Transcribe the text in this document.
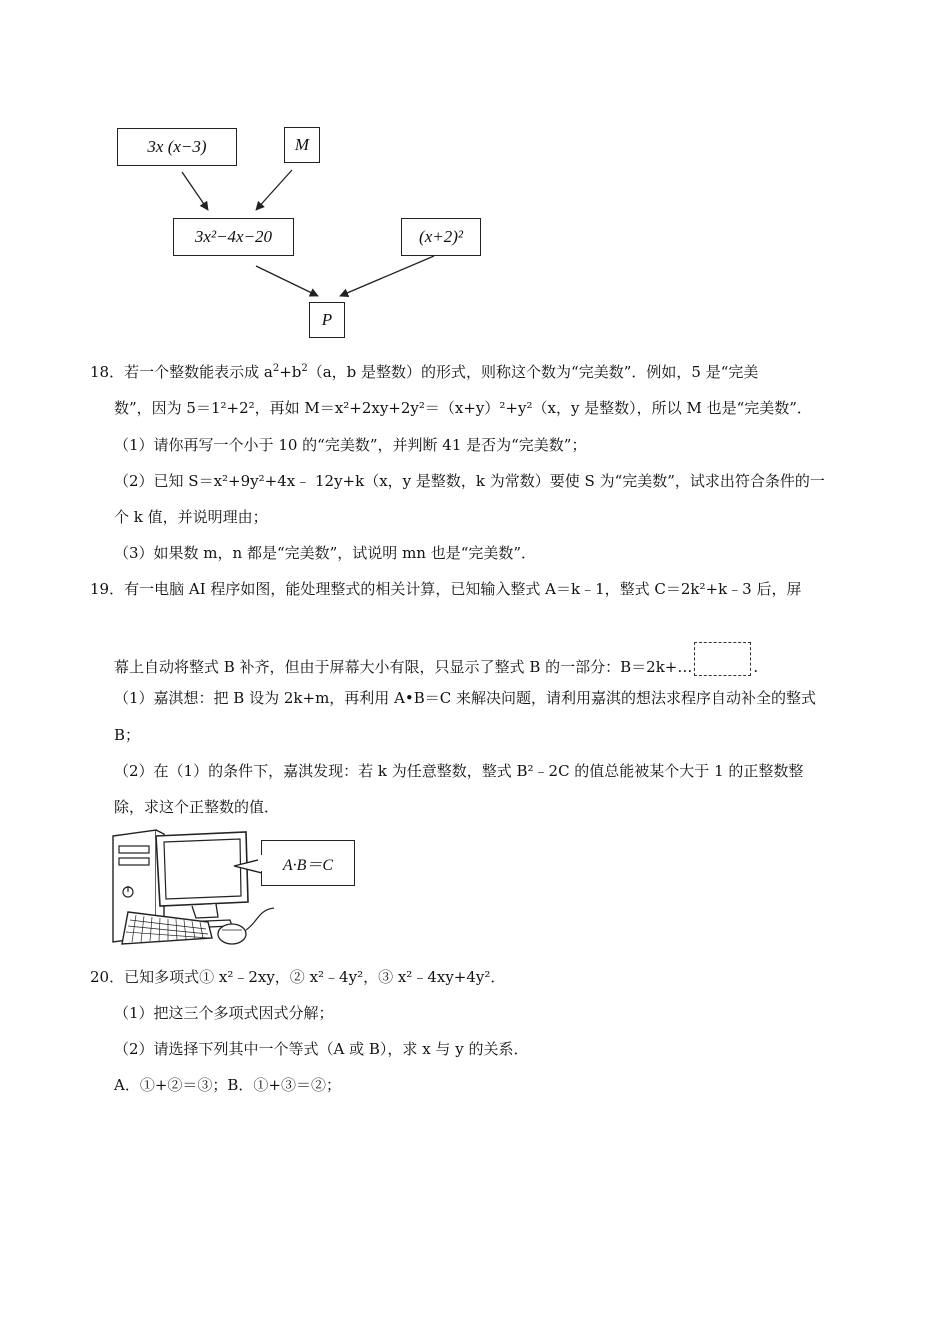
3x (x−3)	M
3x²−4x−20	(x+2)²
P
18．若一个整数能表示成 $a^2+b^2(a$，b 是整数）的形式，则称这个数为“完美数”．例如，5 是“完美
数”，因为 5＝1²+2²，再如 M＝x²+2xy+2y²＝（x+y）²+y²（x，y 是整数），所以 M 也是“完美数”．
（1）请你再写一个小于 10 的“完美数”，并判断 41 是否为“完美数”；
（2）已知 S＝x²+9y²+4x﹣ 12y+k（x，y 是整数，k 为常数）要使 S 为“完美数”，试求出符合条件的一
个 k 值，并说明理由；
（3）如果数 m，n 都是“完美数”，试说明 mn 也是“完美数”．
19．有一电脑 AI 程序如图，能处理整式的相关计算，已知输入整式 A＝k﹣1，整式 C＝2k²+k﹣3 后，屏
幕上自动将整式 B 补齐，但由于屏幕大小有限，只显示了整式 B 的一部分：B＝2k+…	.
（1）嘉淇想：把 B 设为 2k+m，再利用 A•B＝C 来解决问题，请利用嘉淇的想法求程序自动补全的整式
B；
（2）在（1）的条件下，嘉淇发现：若 k 为任意整数，整式 B²﹣2C 的值总能被某个大于 1 的正整数整
除，求这个正整数的值．
A·B＝C
20．已知多项式① x²﹣2xy，② x²﹣4y²，③ x²﹣4xy+4y²．
（1）把这三个多项式因式分解；
（2）请选择下列其中一个等式（A 或 B），求 x 与 y 的关系．
A．①+②＝③；B．①+③＝②；
